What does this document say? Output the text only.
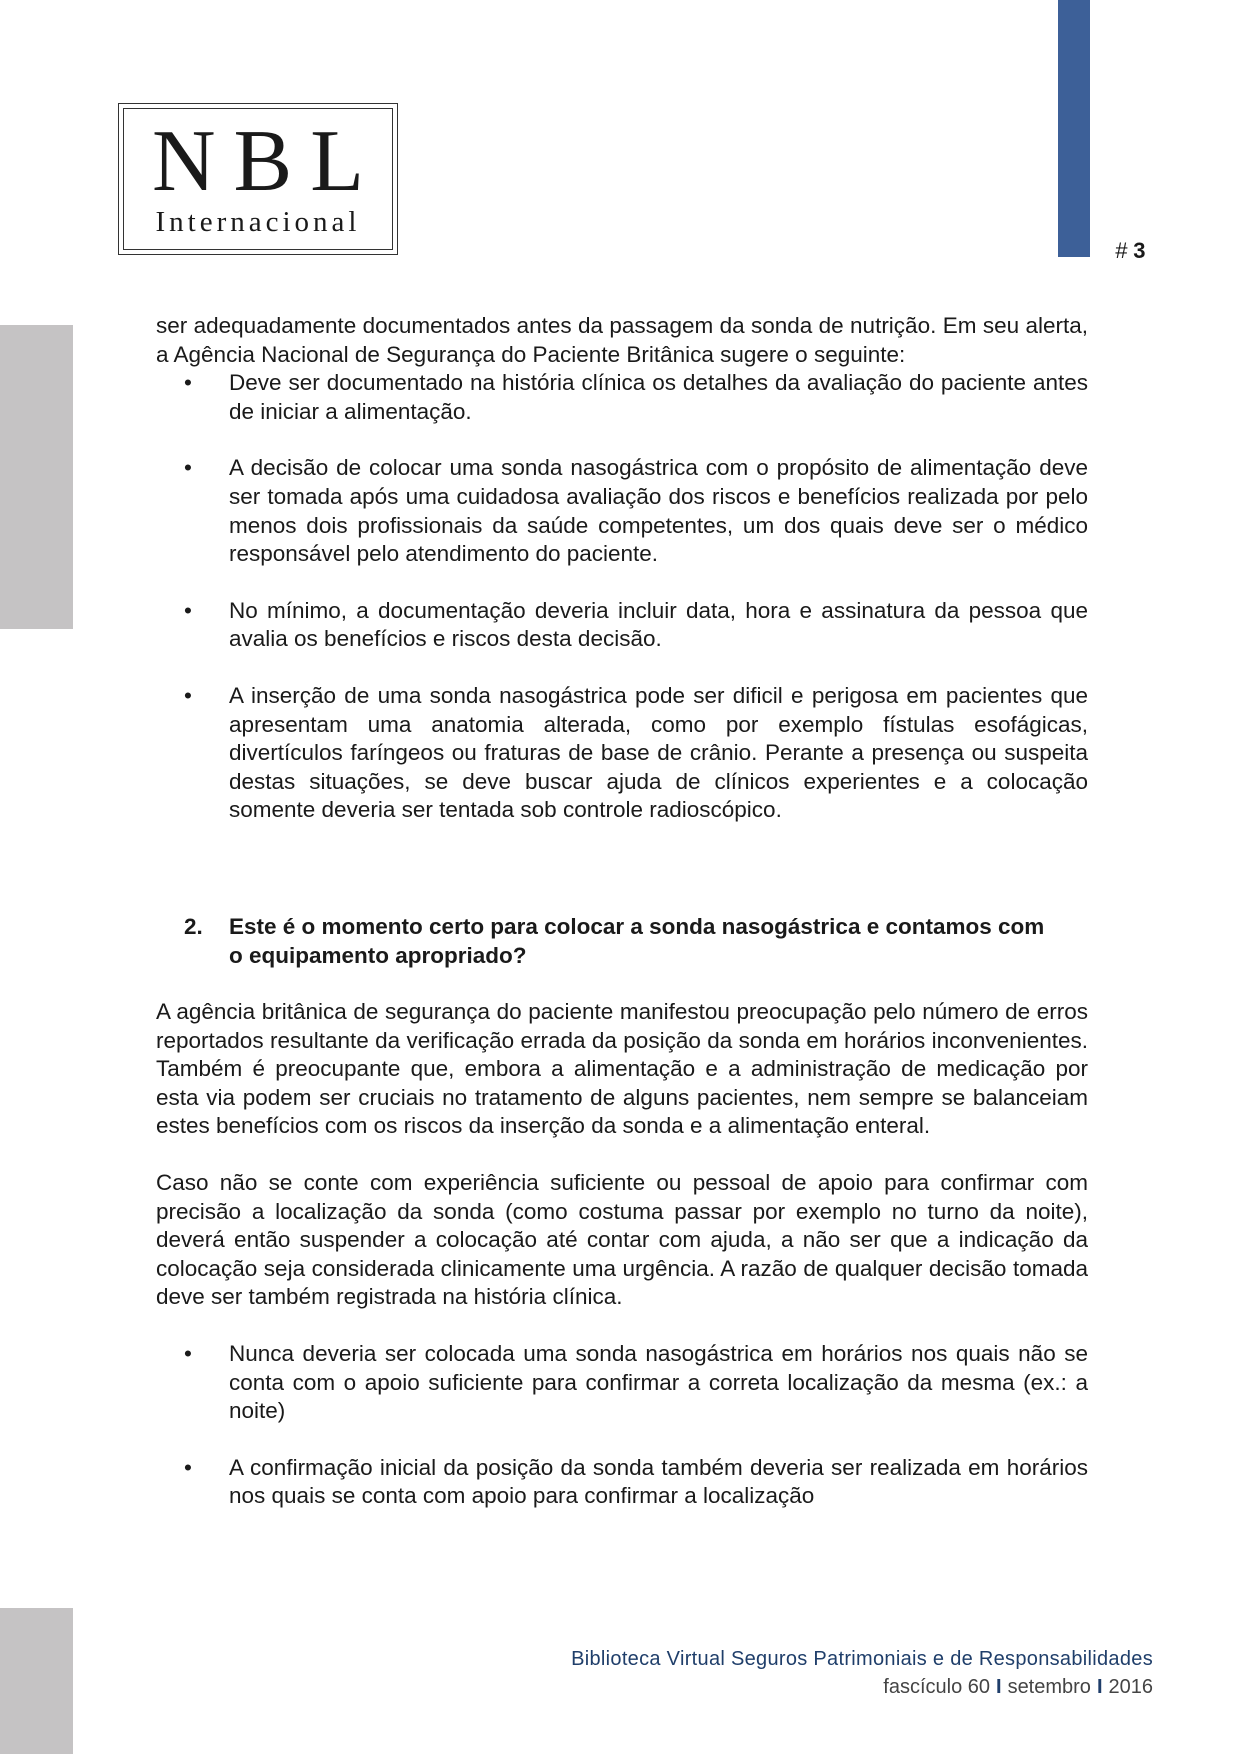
# 3
NBL
Internacional

ser adequadamente documentados antes da passagem da sonda de nutrição. Em seu alerta, a Agência Nacional de Segurança do Paciente Britânica sugere o seguinte:

• Deve ser documentado na história clínica os detalhes da avaliação do paciente antes de iniciar a alimentação.
• A decisão de colocar uma sonda nasogástrica com o propósito de alimentação deve ser tomada após uma cuidadosa avaliação dos riscos e benefícios realizada por pelo menos dois profissionais da saúde competentes, um dos quais deve ser o médico responsável pelo atendimento do paciente.
• No mínimo, a documentação deveria incluir data, hora e assinatura da pessoa que avalia os benefícios e riscos desta decisão.
• A inserção de uma sonda nasogástrica pode ser dificil e perigosa em pacientes que apresentam uma anatomia alterada, como por exemplo fístulas esofágicas, divertículos faríngeos ou fraturas de base de crânio. Perante a presença ou suspeita destas situações, se deve buscar ajuda de clínicos experientes e a colocação somente deveria ser tentada sob controle radioscópico.
2. Este é o momento certo para colocar a sonda nasogástrica e contamos com o equipamento apropriado?

A agência britânica de segurança do paciente manifestou preocupação pelo número de erros reportados resultante da verificação errada da posição da sonda em horários inconvenientes. Também é preocupante que, embora a alimentação e a administração de medicação por esta via podem ser cruciais no tratamento de alguns pacientes, nem sempre se balanceiam estes benefícios com os riscos da inserção da sonda e a alimentação enteral.

Caso não se conte com experiência suficiente ou pessoal de apoio para confirmar com precisão a localização da sonda (como costuma passar por exemplo no turno da noite), deverá então suspender a colocação até contar com ajuda, a não ser que a indicação da colocação seja considerada clinicamente uma urgência. A razão de qualquer decisão tomada deve ser também registrada na história clínica.

• Nunca deveria ser colocada uma sonda nasogástrica em horários nos quais não se conta com o apoio suficiente para confirmar a correta localização da mesma (ex.: a noite)
• A confirmação inicial da posição da sonda também deveria ser realizada em horários nos quais se conta com apoio para confirmar a localização
Biblioteca Virtual Seguros Patrimoniais e de Responsabilidades
fascículo 60 I setembro I 2016
